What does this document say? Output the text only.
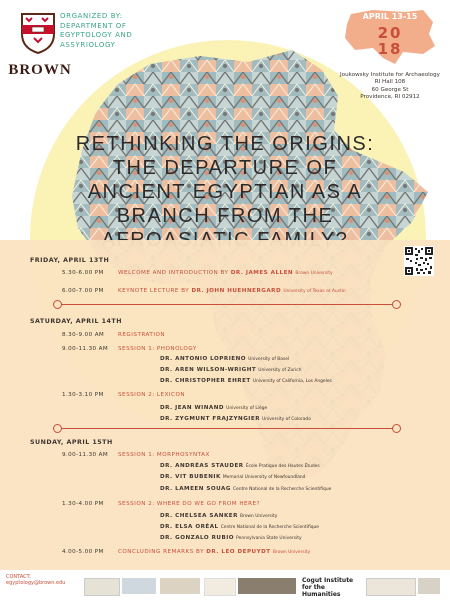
BROWN
ORGANIZED BY:
DEPARTMENT OF
EGYPTOLOGY AND
ASSYRIOLOGY
APRIL 13-15
20
18
Joukowsky Institute for Archaeology
RI Hall 108
60 George St
Providence, RI 02912
RETHINKING THE ORIGINS:
THE DEPARTURE OF
ANCIENT EGYPTIAN AS A
BRANCH FROM THE
FRIDAY, APRIL 13TH
5.30-6.00 PM	WELCOME AND INTRODUCTION BY DR. JAMES ALLEN Brown University
6.00-7.00 PM	KEYNOTE LECTURE BY DR. JOHN HUEHNERGARD University of Texas at Austin
SATURDAY, APRIL 14TH
8.30-9.00 AM REGISTRATION
9.00-11.30 AM SESSION 1: PHONOLOGY
DR. ANTONIO LOPRIENO University of Basel
DR. AREN WILSON-WRIGHT University of Zurich
DR. CHRISTOPHER EHRET University of California, Los Angeles
1.30-3.10 PM	SESSION 2: LEXICON
DR. JEAN WINAND University of Liège
DR. ZYGMUNT FRAJZYNGIER University of Colorado
SUNDAY, APRIL 15TH
9.00-11.30 AM SESSION 1: MORPHOSYNTAX
DR. ANDRÉAS STAUDER École Pratique des Hautes Études
DR. VIT BUBENIK Memorial University of Newfoundland
DR. LAMEEN SOUAG Centre National de la Recherche Scientifique
1.30-4.00 PM	SESSION 2: WHERE DO WE GO FROM HERE?
DR. CHELSEA SANKER Brown University
DR. ELSA ORÉAL Centre National de la Recherche Scientifique
DR. GONZALO RUBIO Pennsylvania State University
4.00-5.00 PM	CONCLUDING REMARKS BY DR. LEO DEPUYDT Brown University
CONTACT:
egyptology@brown.edu	Cogut Institute
for the Humanities
